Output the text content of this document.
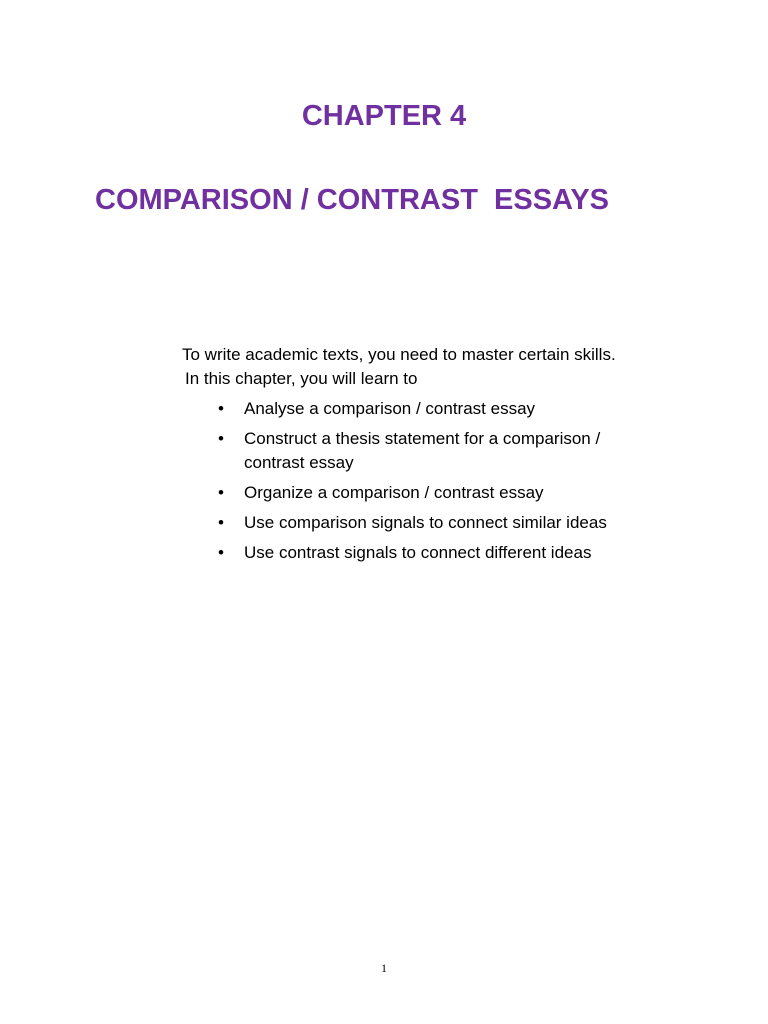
CHAPTER 4
COMPARISON / CONTRAST  ESSAYS
To write academic texts, you need to master certain skills.
In this chapter, you will learn to
• Analyse a comparison / contrast essay
• Construct a thesis statement for a comparison / contrast essay
• Organize a comparison / contrast essay
• Use comparison signals to connect similar ideas
• Use contrast signals to connect different ideas
1
